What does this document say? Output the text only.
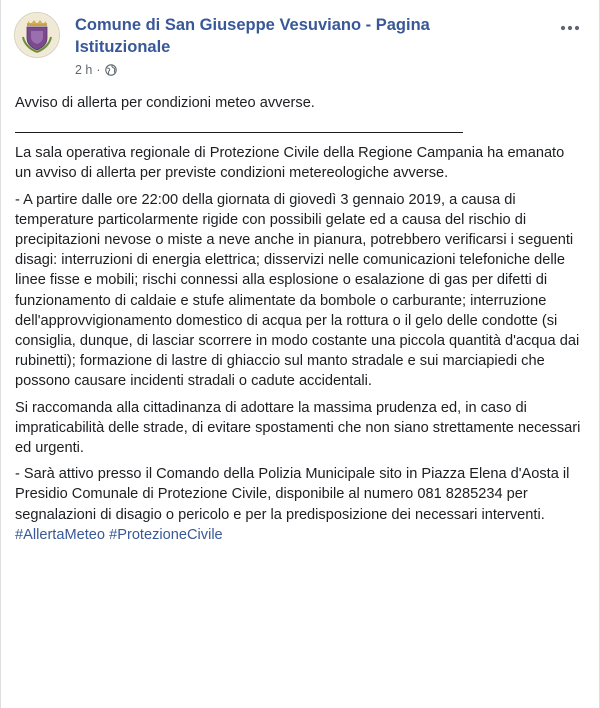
Comune di San Giuseppe Vesuviano - Pagina Istituzionale
2 h ·

Avviso di allerta per condizioni meteo avverse.

La sala operativa regionale di Protezione Civile della Regione Campania ha emanato un avviso di allerta per previste condizioni metereologiche avverse.

- A partire dalle ore 22:00 della giornata di giovedì 3 gennaio 2019, a causa di temperature particolarmente rigide con possibili gelate ed a causa del rischio di precipitazioni nevose o miste a neve anche in pianura, potrebbero verificarsi i seguenti disagi: interruzioni di energia elettrica; disservizi nelle comunicazioni telefoniche delle linee fisse e mobili; rischi connessi alla esplosione o esalazione di gas per difetti di funzionamento di caldaie e stufe alimentate da bombole o carburante; interruzione dell'approvvigionamento domestico di acqua per la rottura o il gelo delle condotte (si consiglia, dunque, di lasciar scorrere in modo costante una piccola quantità d'acqua dai rubinetti); formazione di lastre di ghiaccio sul manto stradale e sui marciapiedi che possono causare incidenti stradali o cadute accidentali.

Si raccomanda alla cittadinanza di adottare la massima prudenza ed, in caso di impraticabilità delle strade, di evitare spostamenti che non siano strettamente necessari ed urgenti.

- Sarà attivo presso il Comando della Polizia Municipale sito in Piazza Elena d'Aosta il Presidio Comunale di Protezione Civile, disponibile al numero 081 8285234 per segnalazioni di disagio o pericolo e per la predisposizione dei necessari interventi.

#AllertaMeteo #ProtezioneCivile
